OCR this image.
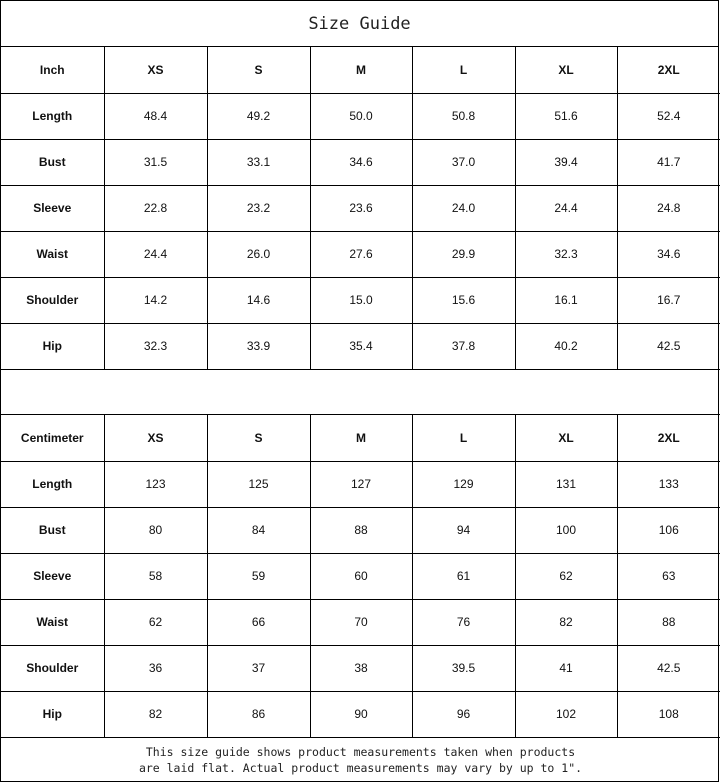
Size Guide
Inch	XS	S	M	L	XL	2XL
Length	48.4	49.2	50.0	50.8	51.6	52.4
Bust	31.5	33.1	34.6	37.0	39.4	41.7
Sleeve	22.8	23.2	23.6	24.0	24.4	24.8
Waist	24.4	26.0	27.6	29.9	32.3	34.6
Shoulder	14.2	14.6	15.0	15.6	16.1	16.7
Hip	32.3	33.9	35.4	37.8	40.2	42.5
Centimeter	XS	S	M	L	XL	2XL
Length	123	125	127	129	131	133
Bust	80	84	88	94	100	106
Sleeve	58	59	60	61	62	63
Waist	62	66	70	76	82	88
Shoulder	36	37	38	39.5	41	42.5
Hip	82	86	90	96	102	108
This size guide shows product measurements taken when products
are laid flat. Actual product measurements may vary by up to 1".
